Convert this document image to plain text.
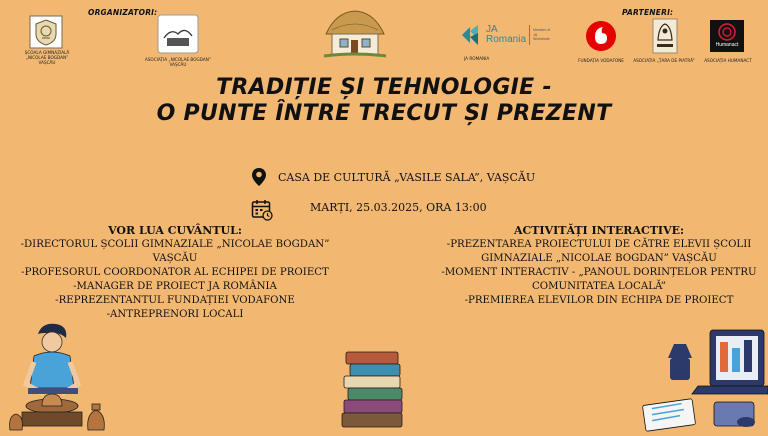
ORGANIZATORI:
ȘCOALA GIMNAZIALĂ
„NICOLAE BOGDAN” VAȘCĂU
ASOCIAȚIA „NICOLAE BOGDAN”
VAȘCĂU
PARTENERI:
JA Romania
Member of JA Worldwide
JA ROMANIA	FUNDAȚIA VODAFONE	ASOCIAȚIA „ȚARA DE PIATRĂ”
Humanact
ASOCIAȚIA HUMANACT
TRADIȚIE ȘI TEHNOLOGIE -
O PUNTE ÎNTRE TRECUT ȘI PREZENT
CASA DE CULTURĂ „VASILE SALA”, VAȘCĂU
MARȚI, 25.03.2025, ORA 13:00
VOR LUA CUVÂNTUL:
-DIRECTORUL ȘCOLII GIMNAZIALE „NICOLAE BOGDAN” VAȘCĂU
-PROFESORUL COORDONATOR AL ECHIPEI DE PROIECT
-MANAGER DE PROIECT JA ROMÂNIA
-REPREZENTANTUL FUNDAȚIEI VODAFONE
-ANTREPRENORI LOCALI
ACTIVITĂȚI INTERACTIVE:
-PREZENTAREA PROIECTULUI DE CĂTRE ELEVII ȘCOLII
GIMNAZIALE „NICOLAE BOGDAN” VAȘCĂU
-MOMENT INTERACTIV - „PANOUL DORINȚELOR PENTRU
COMUNITATEA LOCALĂ”
-PREMIEREA ELEVILOR DIN ECHIPA DE PROIECT
